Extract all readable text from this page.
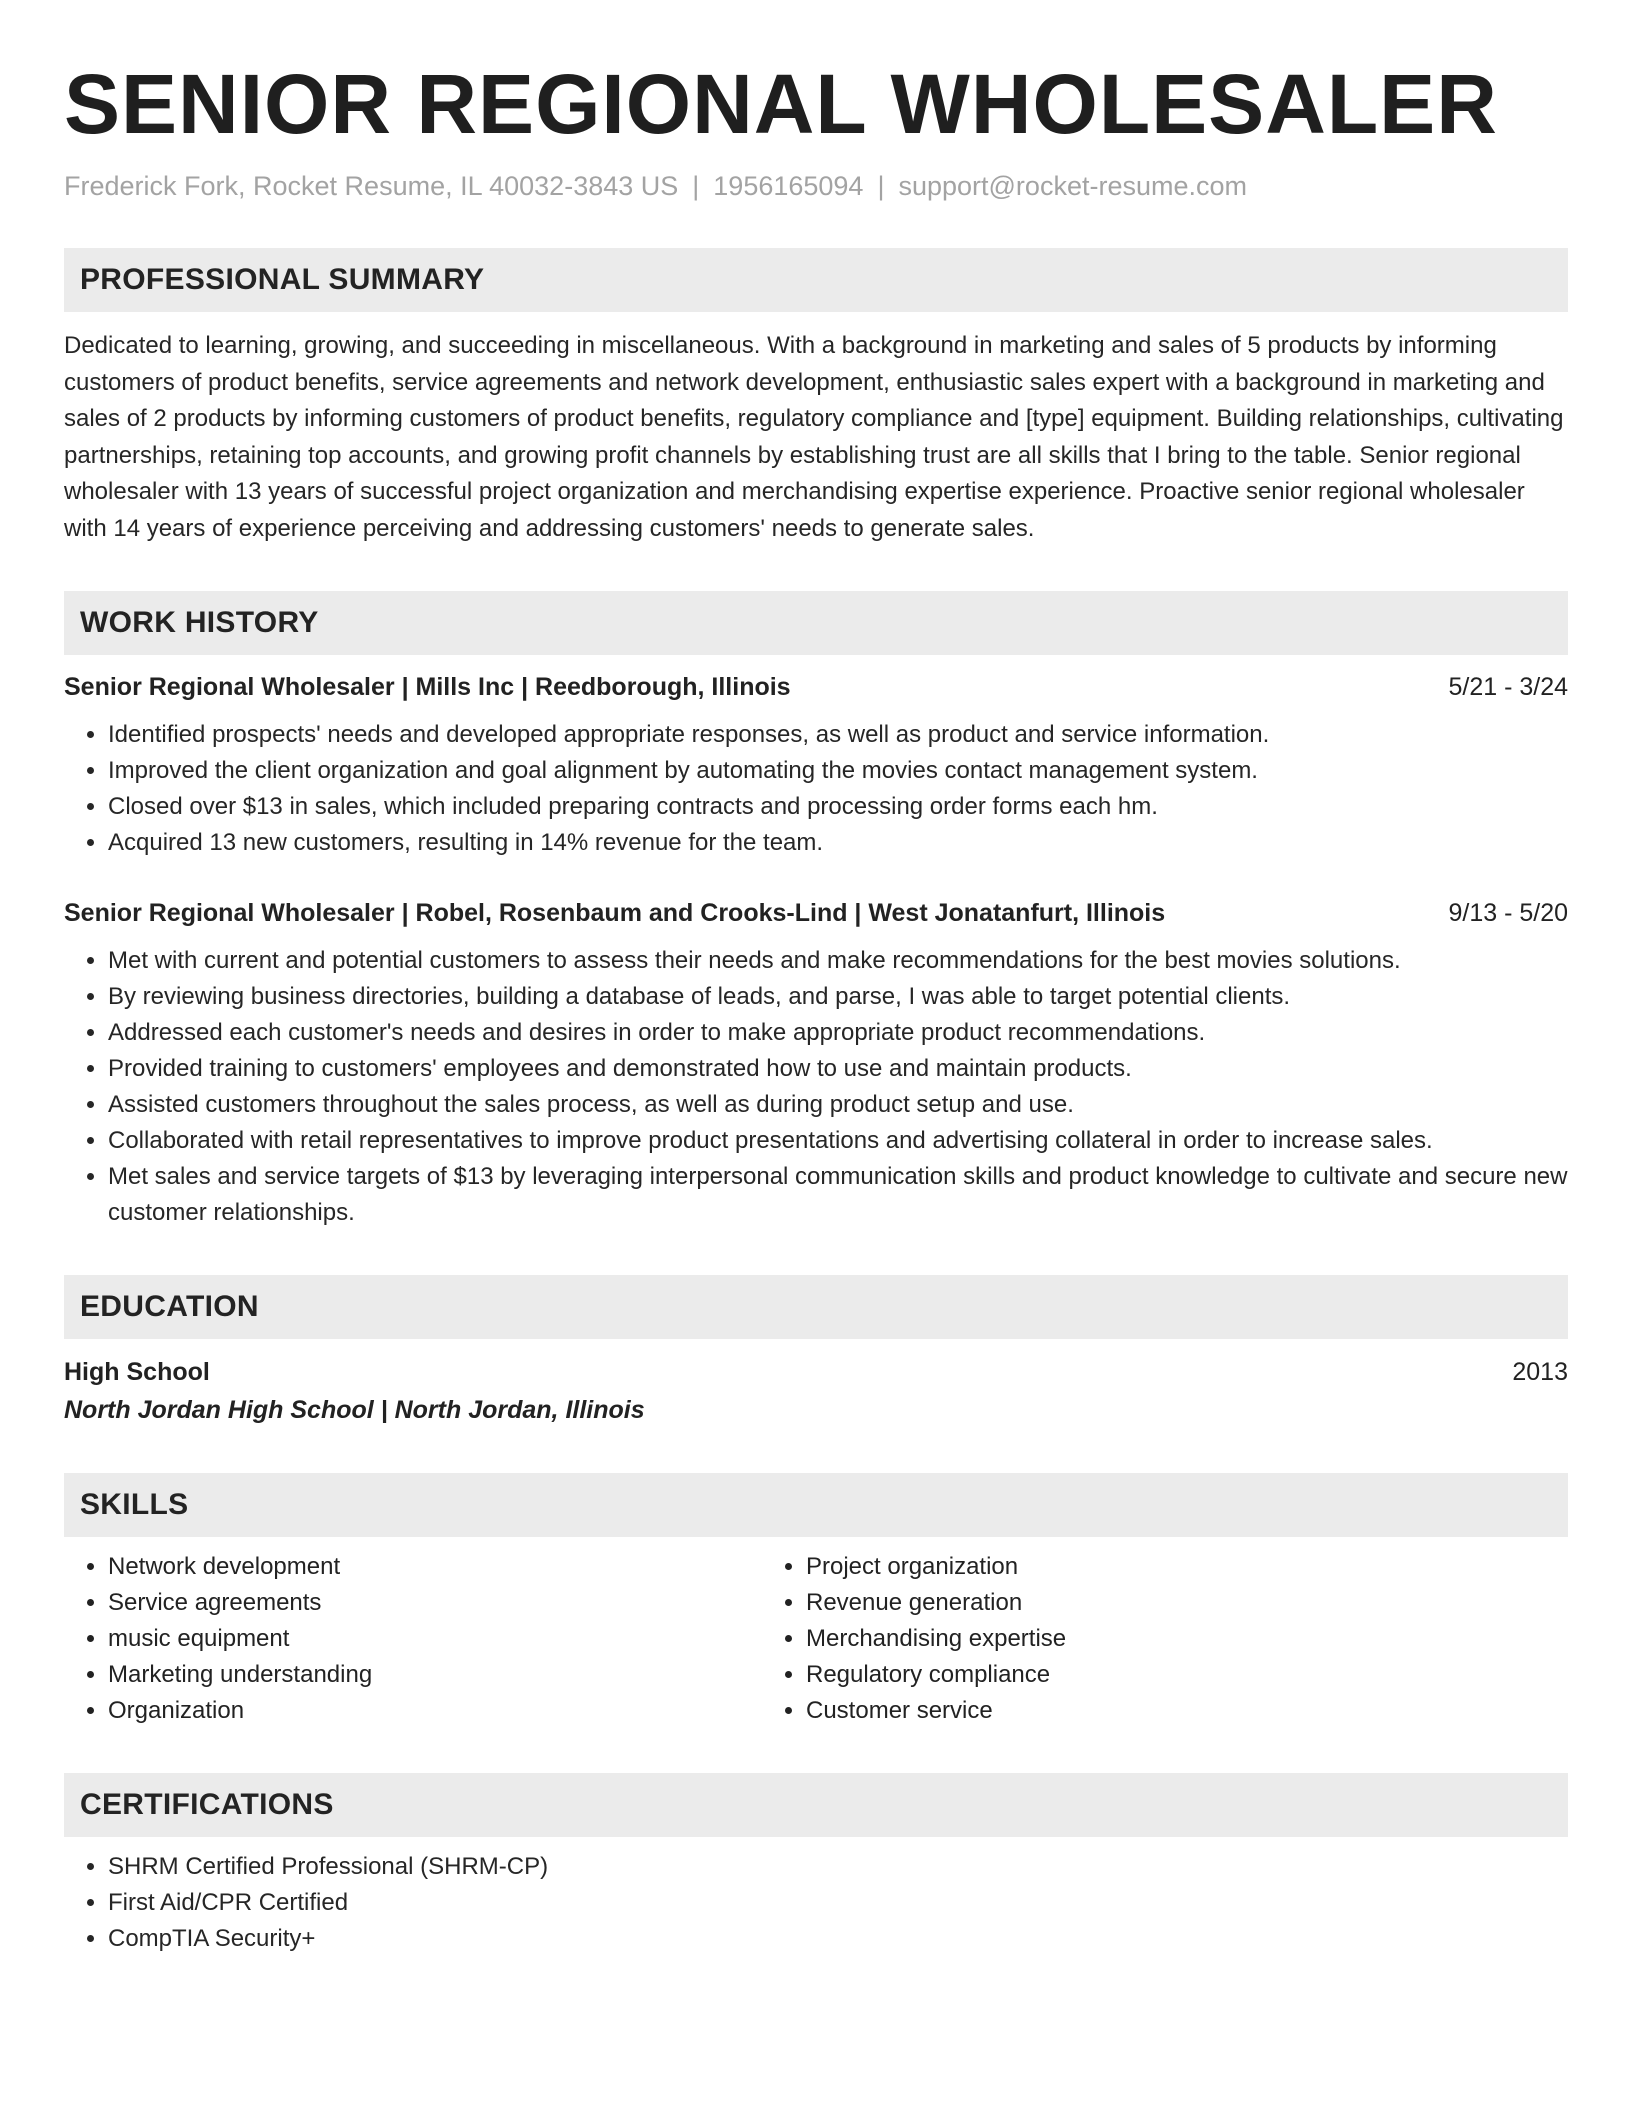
SENIOR REGIONAL WHOLESALER
Frederick Fork, Rocket Resume, IL 40032-3843 US | 1956165094 | support@rocket-resume.com
PROFESSIONAL SUMMARY
Dedicated to learning, growing, and succeeding in miscellaneous. With a background in marketing and sales of 5 products by informing customers of product benefits, service agreements and network development, enthusiastic sales expert with a background in marketing and sales of 2 products by informing customers of product benefits, regulatory compliance and [type] equipment. Building relationships, cultivating partnerships, retaining top accounts, and growing profit channels by establishing trust are all skills that I bring to the table. Senior regional wholesaler with 13 years of successful project organization and merchandising expertise experience. Proactive senior regional wholesaler with 14 years of experience perceiving and addressing customers' needs to generate sales.
WORK HISTORY
Senior Regional Wholesaler | Mills Inc | Reedborough, Illinois	5/21 - 3/24
• Identified prospects' needs and developed appropriate responses, as well as product and service information.
• Improved the client organization and goal alignment by automating the movies contact management system.
• Closed over $13 in sales, which included preparing contracts and processing order forms each hm.
• Acquired 13 new customers, resulting in 14% revenue for the team.
Senior Regional Wholesaler | Robel, Rosenbaum and Crooks-Lind | West Jonatanfurt, Illinois	9/13 - 5/20
• Met with current and potential customers to assess their needs and make recommendations for the best movies solutions.
• By reviewing business directories, building a database of leads, and parse, I was able to target potential clients.
• Addressed each customer's needs and desires in order to make appropriate product recommendations.
• Provided training to customers' employees and demonstrated how to use and maintain products.
• Assisted customers throughout the sales process, as well as during product setup and use.
• Collaborated with retail representatives to improve product presentations and advertising collateral in order to increase sales.
• Met sales and service targets of $13 by leveraging interpersonal communication skills and product knowledge to cultivate and secure new customer relationships.
EDUCATION
High School	2013
North Jordan High School | North Jordan, Illinois
SKILLS
• Network development
• Service agreements
• music equipment
• Marketing understanding
• Organization
• Project organization
• Revenue generation
• Merchandising expertise
• Regulatory compliance
• Customer service
CERTIFICATIONS
• SHRM Certified Professional (SHRM-CP)
• First Aid/CPR Certified
• CompTIA Security+
